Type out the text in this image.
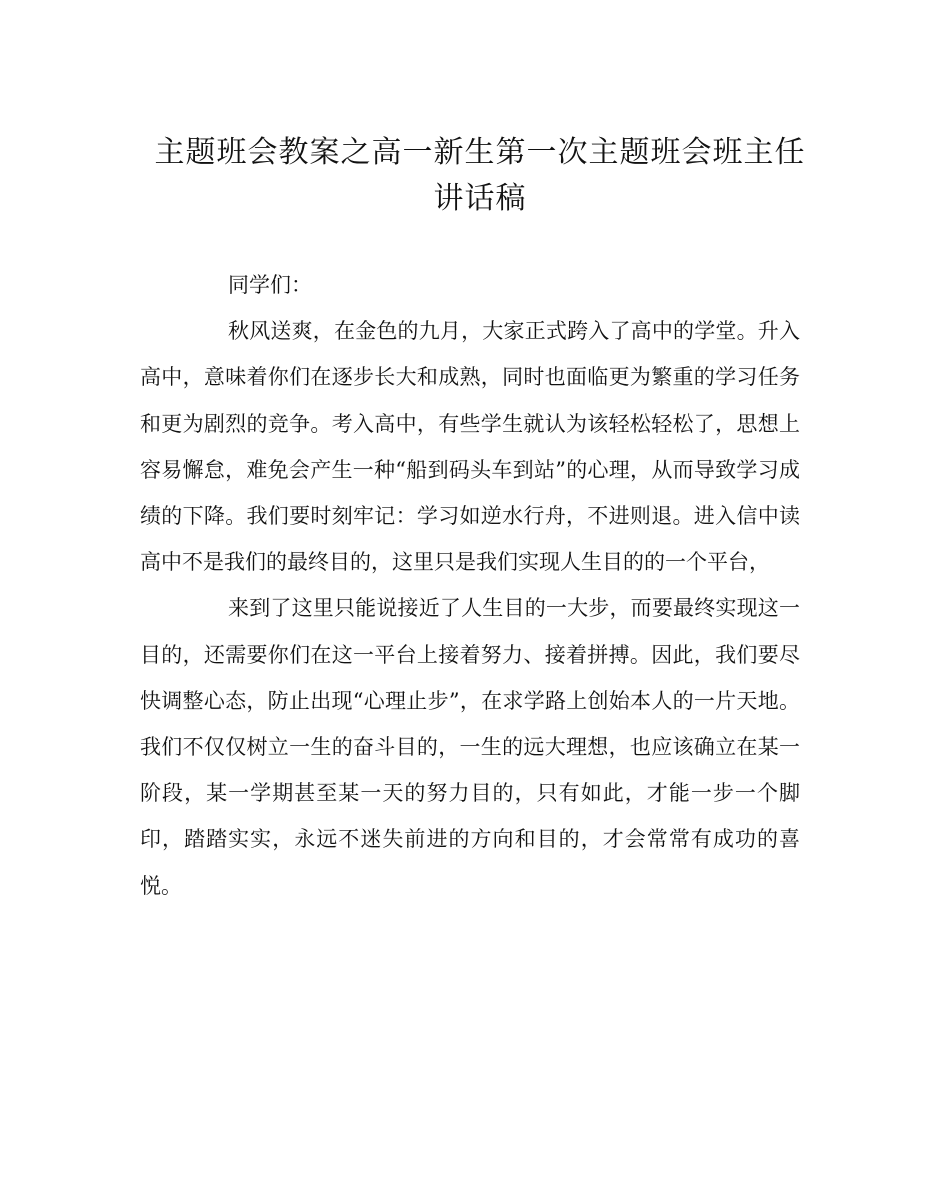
主题班会教案之高一新生第一次主题班会班主任讲话稿

同学们：

秋风送爽，在金色的九月，大家正式跨入了高中的学堂。升入高中，意味着你们在逐步长大和成熟，同时也面临更为繁重的学习任务和更为剧烈的竞争。考入高中，有些学生就认为该轻松轻松了，思想上容易懈怠，难免会产生一种“船到码头车到站”的心理，从而导致学习成绩的下降。我们要时刻牢记：学习如逆水行舟，不进则退。进入信中读高中不是我们的最终目的，这里只是我们实现人生目的的一个平台，

来到了这里只能说接近了人生目的一大步，而要最终实现这一目的，还需要你们在这一平台上接着努力、接着拼搏。因此，我们要尽快调整心态，防止出现“心理止步”，在求学路上创始本人的一片天地。我们不仅仅树立一生的奋斗目的，一生的远大理想，也应该确立在某一阶段，某一学期甚至某一天的努力目的，只有如此，才能一步一个脚印，踏踏实实，永远不迷失前进的方向和目的，才会常常有成功的喜悦。
